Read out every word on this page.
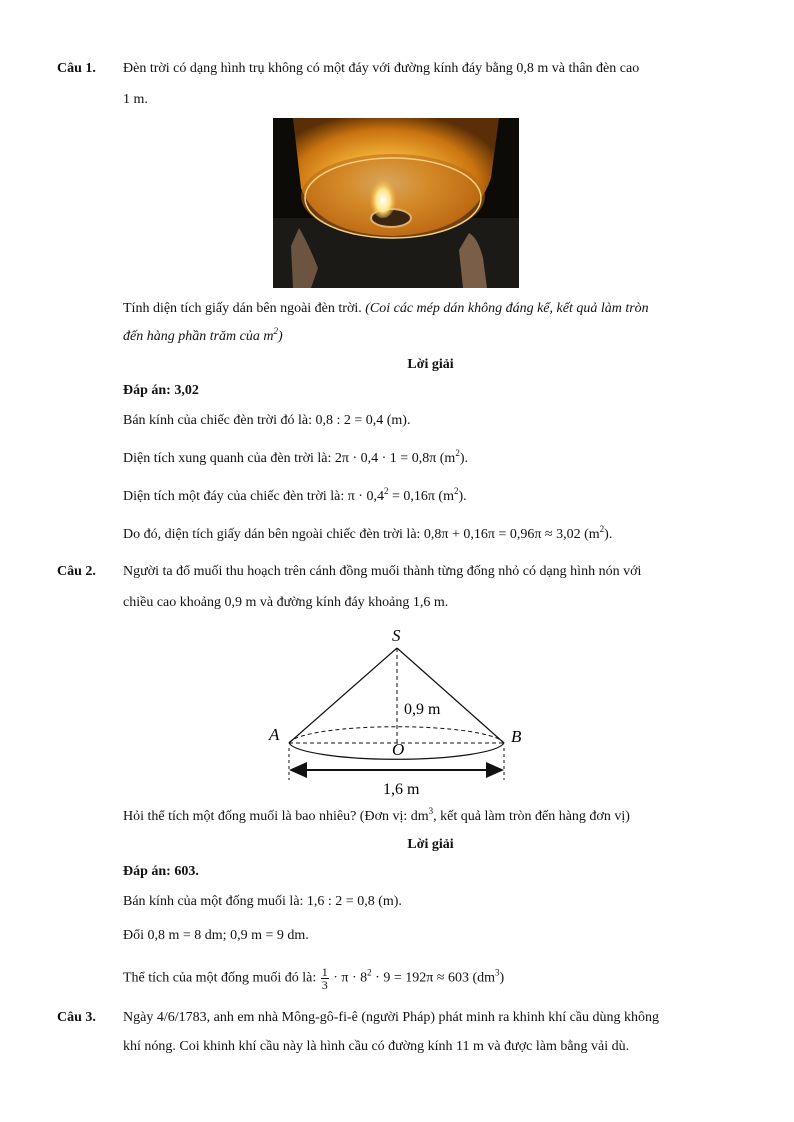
Câu 1. Đèn trời có dạng hình trụ không có một đáy với đường kính đáy bằng 0,8 m và thân đèn cao
1 m.
Tính diện tích giấy dán bên ngoài đèn trời. (Coi các mép dán không đáng kể, kết quả làm tròn
đến hàng phần trăm của $m^2$)
Lời giải
Đáp án: 3,02
Bán kính của chiếc đèn trời đó là: 0,8 : 2 = 0,4 (m).
Diện tích xung quanh của đèn trời là: 2π · 0,4 · 1 = 0,8π $(m^2)$.
Diện tích một đáy của chiếc đèn trời là: $\pi \cdot 0,4^2 = 0,16\pi$ $(m^2)$.
Do đó, diện tích giấy dán bên ngoài chiếc đèn trời là: 0,8π + 0,16π = 0,96π ≈ 3,02 $(m^2)$.
Câu 2. Người ta đổ muối thu hoạch trên cánh đồng muối thành từng đống nhỏ có dạng hình nón với
chiều cao khoảng 0,9 m và đường kính đáy khoảng 1,6 m.
S
A	B
O
0,9 m
1,6 m
Hỏi thể tích một đống muối là bao nhiêu? (Đơn vị: $dm^3$, kết quả làm tròn đến hàng đơn vị)
Lời giải
Đáp án: 603.
Bán kính của một đống muối là: 1,6 : 2 = 0,8 (m).
Đổi 0,8 m = 8 dm; 0,9 m = 9 dm.
Thể tích của một đống muối đó là: $\frac{1}{3} \cdot \pi \cdot 8^2 \cdot 9 = 192\pi \approx 603$ $(dm^3)$
Câu 3. Ngày 4/6/1783, anh em nhà Mông-gô-fi-ê (người Pháp) phát minh ra khinh khí cầu dùng không
khí nóng. Coi khinh khí cầu này là hình cầu có đường kính 11 m và được làm bằng vải dù.
